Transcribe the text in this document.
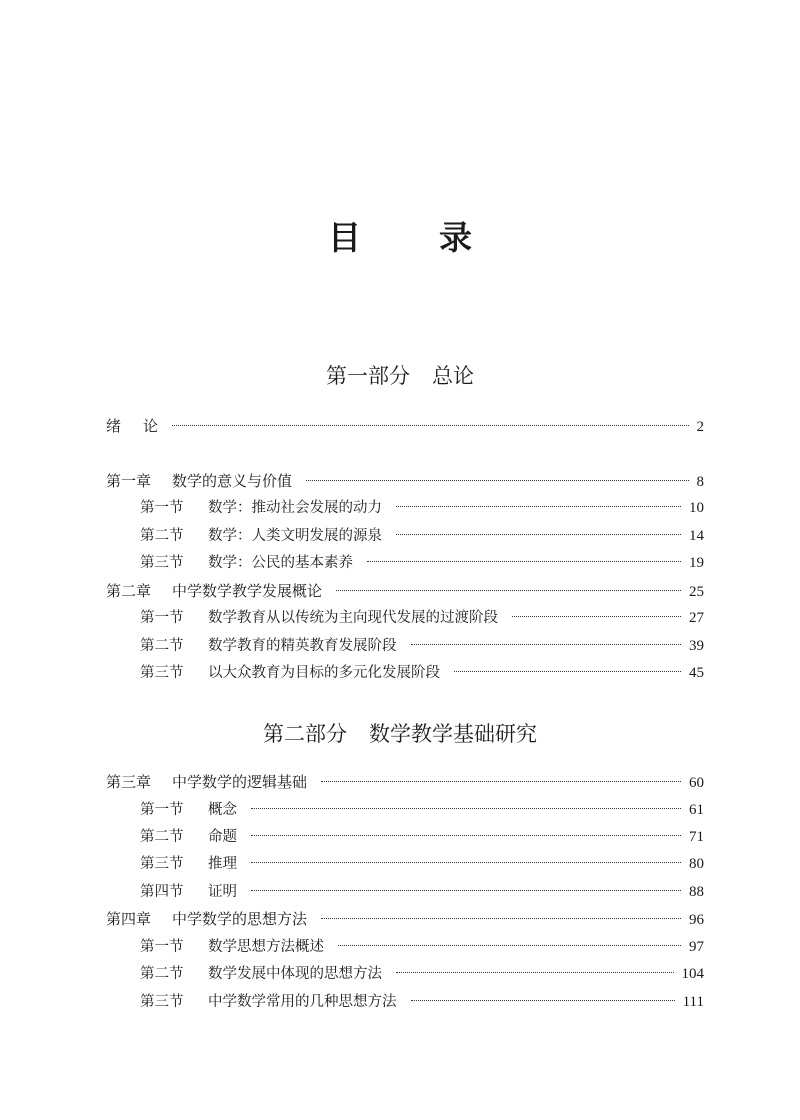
目 录
第一部分 总论
绪 论	2
第一章	数学的意义与价值	8
第一节	数学：推动社会发展的动力	10
第二节	数学：人类文明发展的源泉	14
第三节	数学：公民的基本素养	19
第二章	中学数学教学发展概论	25
第一节	数学教育从以传统为主向现代发展的过渡阶段	27
第二节	数学教育的精英教育发展阶段	39
第三节	以大众教育为目标的多元化发展阶段	45
第二部分 数学教学基础研究
第三章	中学数学的逻辑基础	60
第一节	概念	61
第二节	命题	71
第三节	推理	80
第四节	证明	88
第四章	中学数学的思想方法	96
第一节	数学思想方法概述	97
第二节	数学发展中体现的思想方法	104
第三节	中学数学常用的几种思想方法	111
